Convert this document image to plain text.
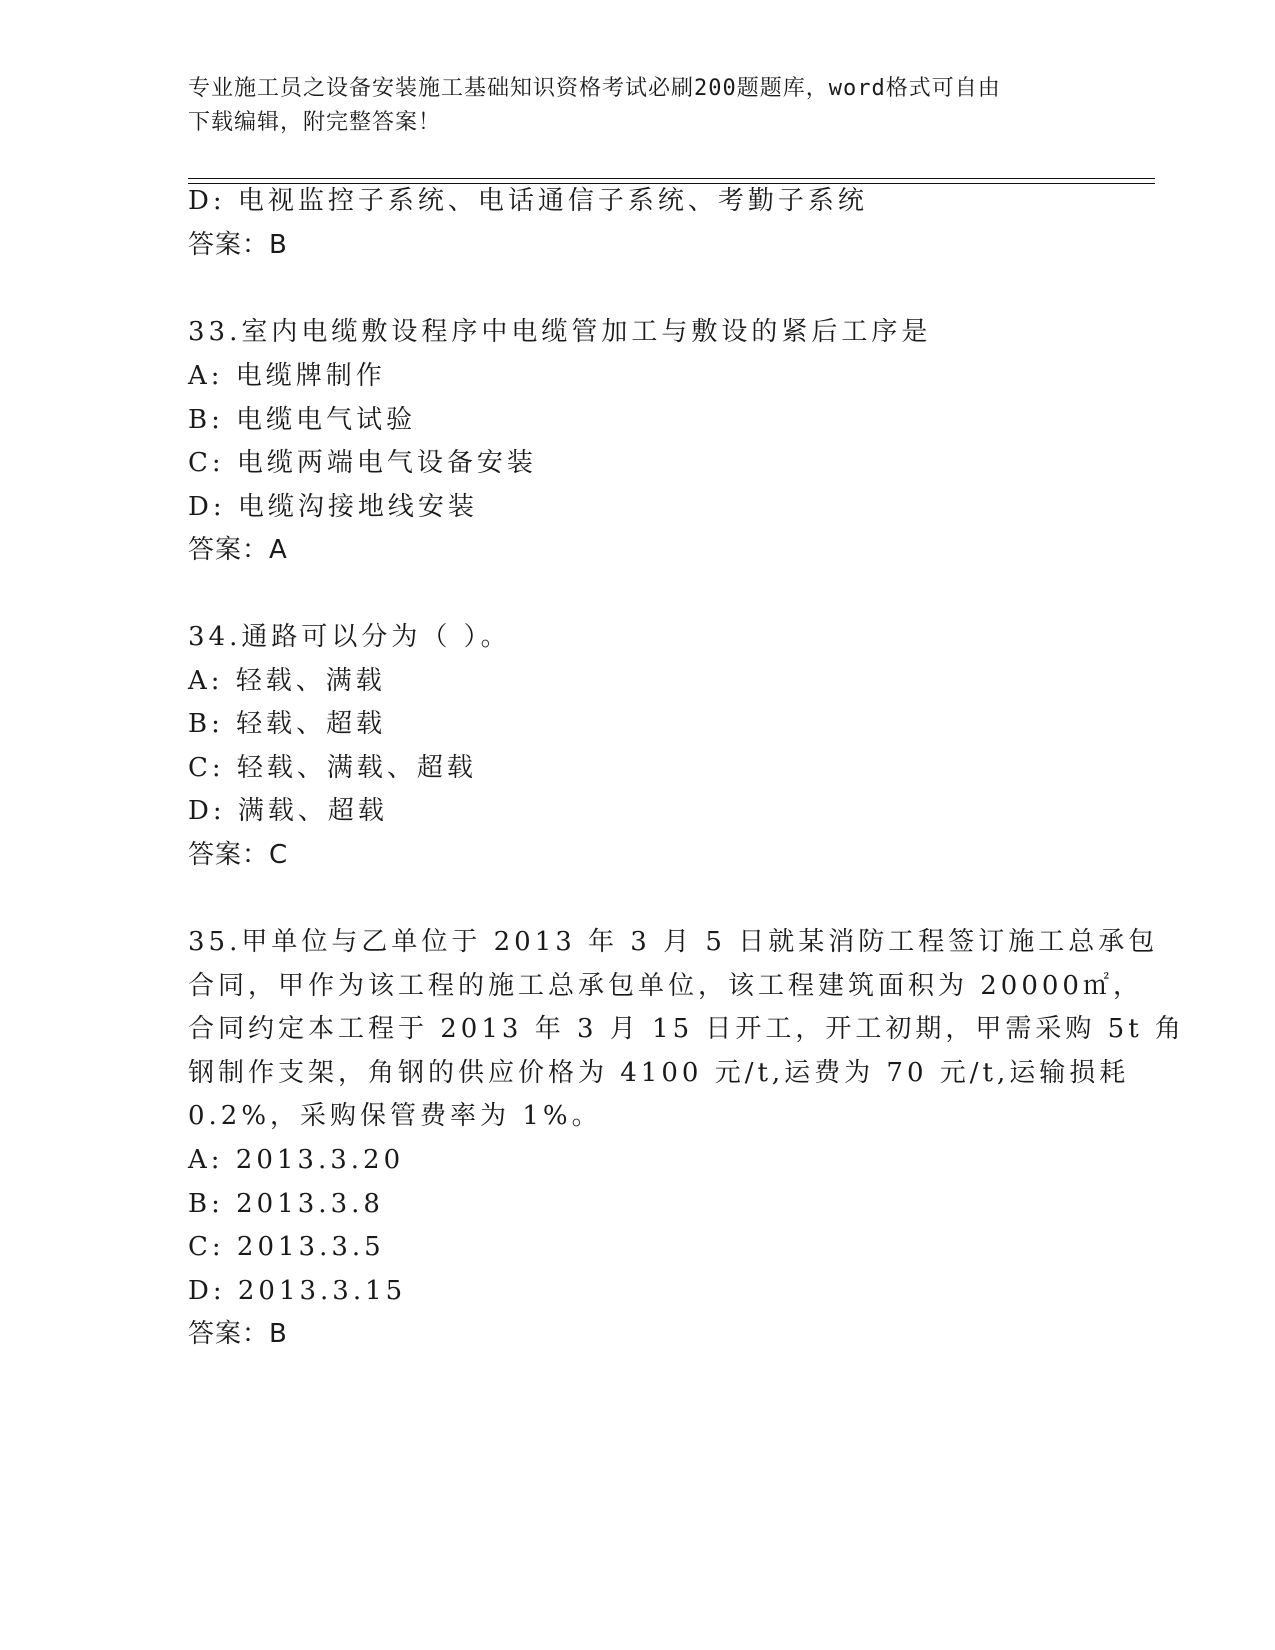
专业施工员之设备安装施工基础知识资格考试必刷200题题库，word格式可自由
下载编辑，附完整答案！
D: 电视监控子系统、电话通信子系统、考勤子系统
答案：B
33.室内电缆敷设程序中电缆管加工与敷设的紧后工序是
A: 电缆牌制作
B: 电缆电气试验
C: 电缆两端电气设备安装
D: 电缆沟接地线安装
答案：A
34.通路可以分为（ ）。
A: 轻载、满载
B: 轻载、超载
C: 轻载、满载、超载
D: 满载、超载
答案：C
35.甲单位与乙单位于 2013 年 3 月 5 日就某消防工程签订施工总承包
合同，甲作为该工程的施工总承包单位，该工程建筑面积为 20000㎡，
合同约定本工程于 2013 年 3 月 15 日开工，开工初期，甲需采购 5t 角
钢制作支架，角钢的供应价格为 4100 元/t,运费为 70 元/t,运输损耗
0.2%，采购保管费率为 1%。
A: 2013.3.20
B: 2013.3.8
C: 2013.3.5
D: 2013.3.15
答案：B
